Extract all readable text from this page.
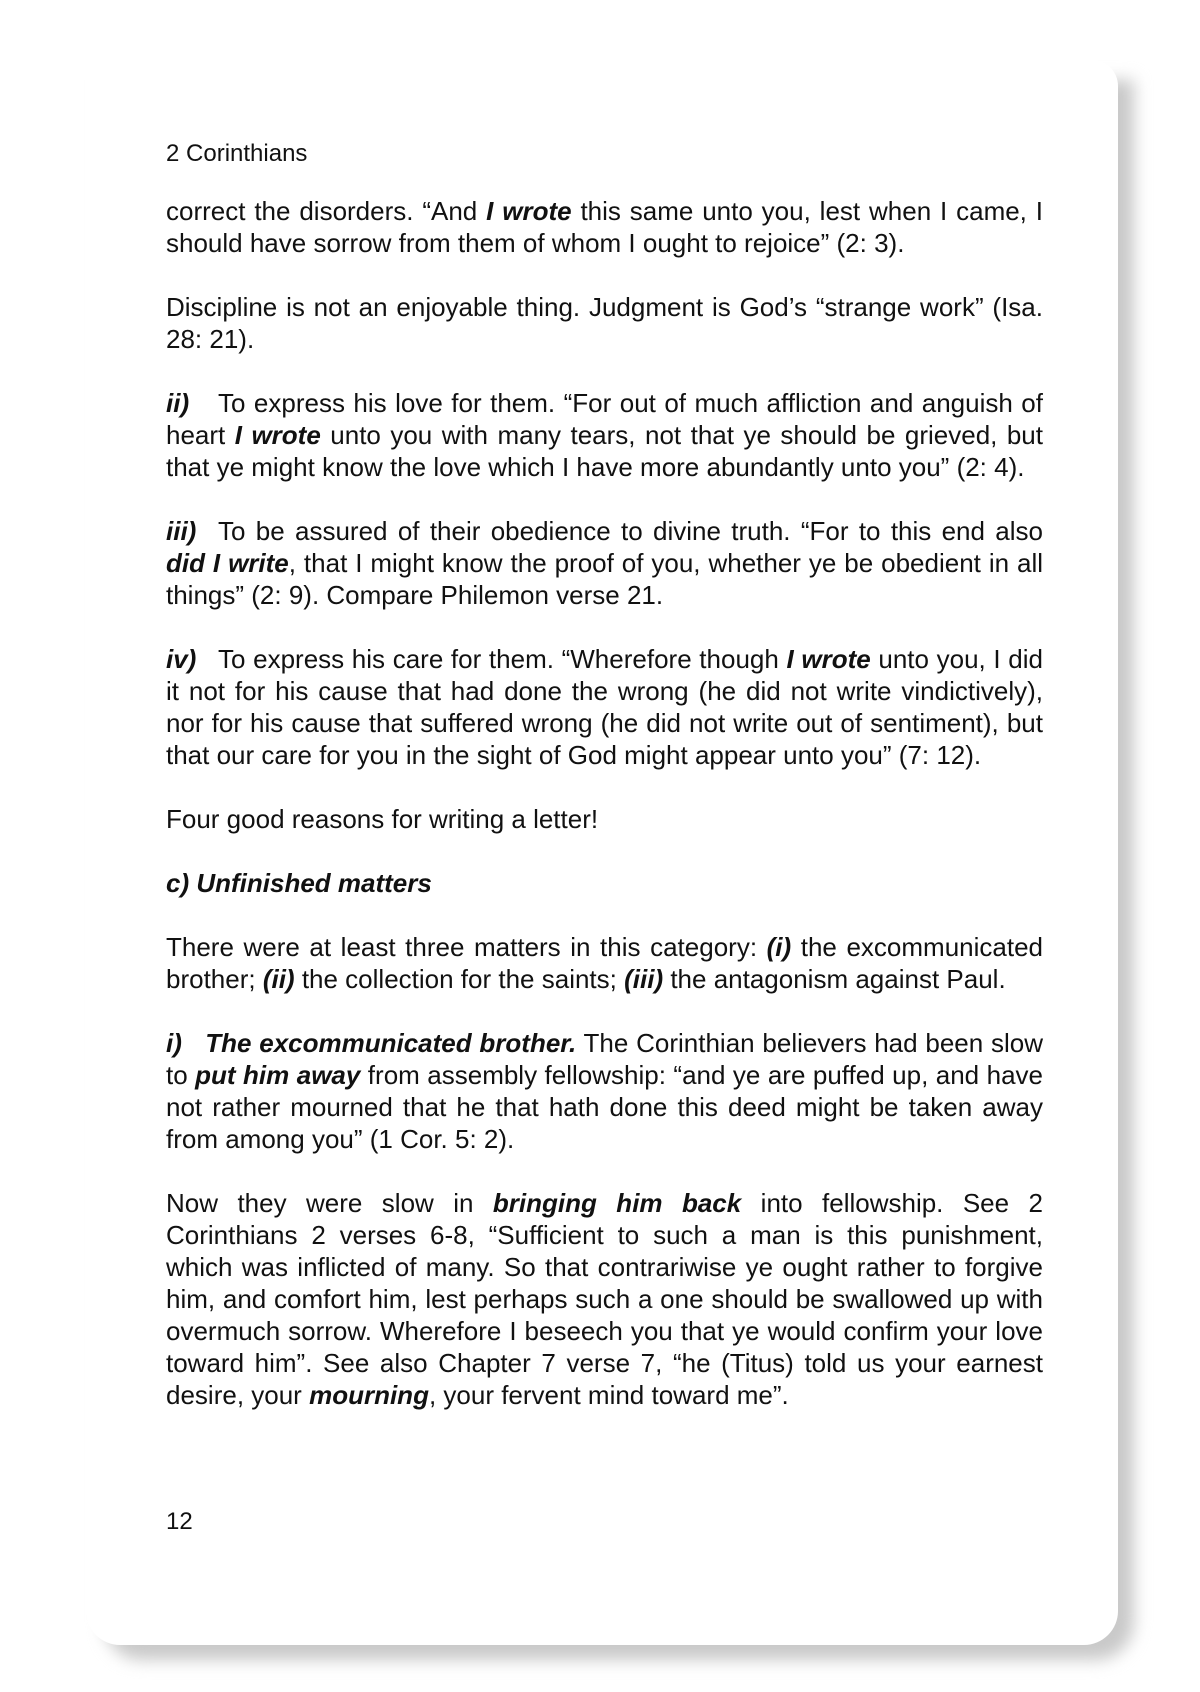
2 Corinthians

correct the disorders. “And I wrote this same unto you, lest when I came, I should have sorrow from them of whom I ought to rejoice” (2: 3).

Discipline is not an enjoyable thing. Judgment is God’s “strange work” (Isa. 28: 21).

ii) To express his love for them. “For out of much affliction and anguish of heart I wrote unto you with many tears, not that ye should be grieved, but that ye might know the love which I have more abundantly unto you” (2: 4).

iii) To be assured of their obedience to divine truth. “For to this end also did I write, that I might know the proof of you, whether ye be obedient in all things” (2: 9). Compare Philemon verse 21.

iv) To express his care for them. “Wherefore though I wrote unto you, I did it not for his cause that had done the wrong (he did not write vindictively), nor for his cause that suffered wrong (he did not write out of sentiment), but that our care for you in the sight of God might appear unto you” (7: 12).

Four good reasons for writing a letter!

c) Unfinished matters

There were at least three matters in this category: (i) the excommunicated brother; (ii) the collection for the saints; (iii) the antagonism against Paul.

i) The excommunicated brother. The Corinthian believers had been slow to put him away from assembly fellowship: “and ye are puffed up, and have not rather mourned that he that hath done this deed might be taken away from among you” (1 Cor. 5: 2).

Now they were slow in bringing him back into fellowship. See 2 Corinthians 2 verses 6-8, “Sufficient to such a man is this punishment, which was inflicted of many. So that contrariwise ye ought rather to forgive him, and comfort him, lest perhaps such a one should be swallowed up with overmuch sorrow. Wherefore I beseech you that ye would confirm your love toward him”. See also Chapter 7 verse 7, “he (Titus) told us your earnest desire, your mourning, your fervent mind toward me”.

12
